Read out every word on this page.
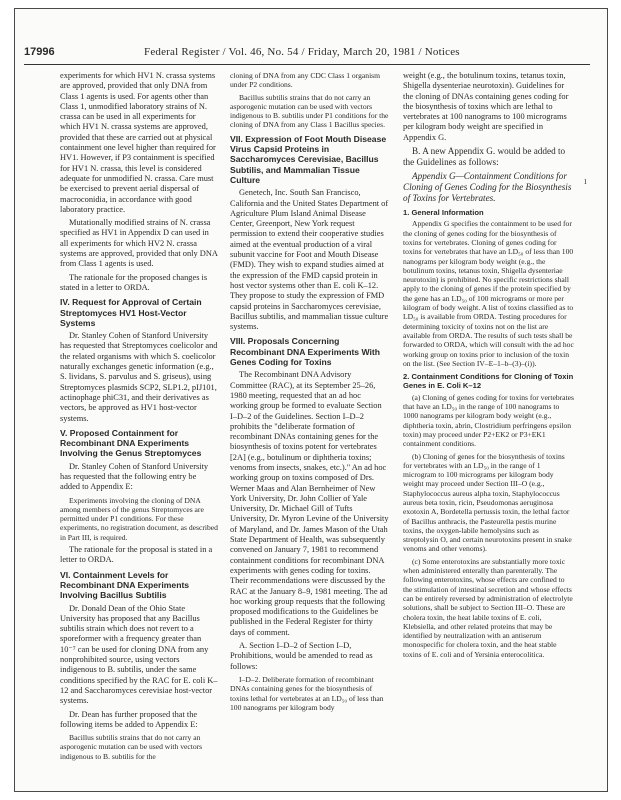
17996	Federal Register / Vol. 46, No. 54 / Friday, March 20, 1981 / Notices

experiments for which HV1 N. crassa systems are approved, provided that only DNA from Class 1 agents is used. For agents other than Class 1, unmodified laboratory strains of N. crassa can be used in all experiments for which HV1 N. crassa systems are approved, provided that these are carried out at physical containment one level higher than required for HV1. However, if P3 containment is specified for HV1 N. crassa, this level is considered adequate for unmodified N. crassa. Care must be exercised to prevent aerial dispersal of macroconidia, in accordance with good laboratory practice.

Mutationally modified strains of N. crassa specified as HV1 in Appendix D can used in all experiments for which HV2 N. crassa systems are approved, provided that only DNA from Class 1 agents is used.

The rationale for the proposed changes is stated in a letter to ORDA.

IV. Request for Approval of Certain Streptomyces HV1 Host-Vector Systems

Dr. Stanley Cohen of Stanford University has requested that Streptomyces coelicolor and the related organisms with which S. coelicolor naturally exchanges genetic information (e.g., S. lividans, S. parvulus and S. griseus), using Streptomyces plasmids SCP2, SLP1.2, pIJ101, actinophage phiC31, and their derivatives as vectors, be approved as HV1 host-vector systems.

V. Proposed Containment for Recombinant DNA Experiments Involving the Genus Streptomyces

Dr. Stanley Cohen of Stanford University has requested that the following entry be added to Appendix E:

Experiments involving the cloning of DNA among members of the genus Streptomyces are permitted under P1 conditions. For these experiments, no registration document, as described in Part III, is required.

The rationale for the proposal is stated in a letter to ORDA.

VI. Containment Levels for Recombinant DNA Experiments Involving Bacillus Subtilis

Dr. Donald Dean of the Ohio State University has proposed that any Bacillus subtilis strain which does not revert to a sporeformer with a frequency greater than 10⁻⁷ can be used for cloning DNA from any nonprohibited source, using vectors indigenous to B. subtilis, under the same conditions specified by the RAC for E. coli K–12 and Saccharomyces cerevisiae host-vector systems.

Dr. Dean has further proposed that the following items be added to Appendix E:

Bacillus subtilis strains that do not carry an asporogenic mutation can be used with vectors indigenous to B. subtilis for the

cloning of DNA from any CDC Class 1 organism under P2 conditions.

Bacillus subtilis strains that do not carry an asporogenic mutation can be used with vectors indigenous to B. subtilis under P1 conditions for the cloning of DNA from any Class 1 Bacillus species.

VII. Expression of Foot Mouth Disease Virus Capsid Proteins in Saccharomyces Cerevisiae, Bacillus Subtilis, and Mammalian Tissue Culture

Genetech, Inc. South San Francisco, California and the United States Department of Agriculture Plum Island Animal Disease Center, Greenport, New York request permission to extend their cooperative studies aimed at the eventual production of a viral subunit vaccine for Foot and Mouth Disease (FMD). They wish to expand studies aimed at the expression of the FMD capsid protein in host vector systems other than E. coli K–12. They propose to study the expression of FMD capsid proteins in Saccharomyces cerevisiae, Bacillus subtilis, and mammalian tissue culture systems.

VIII. Proposals Concerning Recombinant DNA Experiments With Genes Coding for Toxins

The Recombinant DNA Advisory Committee (RAC), at its September 25–26, 1980 meeting, requested that an ad hoc working group be formed to evaluate Section I–D–2 of the Guidelines. Section I–D–2 prohibits the "deliberate formation of recombinant DNAs containing genes for the biosynthesis of toxins potent for vertebrates [2A] (e.g., botulinum or diphtheria toxins; venoms from insects, snakes, etc.)." An ad hoc working group on toxins composed of Drs. Werner Maas and Alan Bernheimer of New York University, Dr. John Collier of Yale University, Dr. Michael Gill of Tufts University, Dr. Myron Levine of the University of Maryland, and Dr. James Mason of the Utah State Department of Health, was subsequently convened on January 7, 1981 to recommend containment conditions for recombinant DNA experiments with genes coding for toxins. Their recommendations were discussed by the RAC at the January 8–9, 1981 meeting. The ad hoc working group requests that the following proposed modifications to the Guidelines be published in the Federal Register for thirty days of comment.

A. Section I–D–2 of Section I–D, Prohibitions, would be amended to read as follows:

I–D–2. Deliberate formation of recombinant DNAs containing genes for the biosynthesis of toxins lethal for vertebrates at an LD₅₀ of less than 100 nanograms per kilogram body

weight (e.g., the botulinum toxins, tetanus toxin, Shigella dysenteriae neurotoxin). Guidelines for the cloning of DNAs containing genes coding for the biosynthesis of toxins which are lethal to vertebrates at 100 nanograms to 100 micrograms per kilogram body weight are specified in Appendix G.

B. A new Appendix G. would be added to the Guidelines as follows:

Appendix G—Containment Conditions for Cloning of Genes Coding for the Biosynthesis of Toxins for Vertebrates.

1. General Information

Appendix G specifies the containment to be used for the cloning of genes coding for the biosynthesis of toxins for vertebrates. Cloning of genes coding for toxins for vertebrates that have an LD₅₀ of less than 100 nanograms per kilogram body weight (e.g., the botulinum toxins, tetanus toxin, Shigella dysenteriae neurotoxin) is prohibited. No specific restrictions shall apply to the cloning of genes if the protein specified by the gene has an LD₅₀ of 100 micrograms or more per kilogram of body weight. A list of toxins classified as to LD₅₀ is available from ORDA. Testing procedures for determining toxicity of toxins not on the list are available from ORDA. The results of such tests shall be forwarded to ORDA, which will consult with the ad hoc working group on toxins prior to inclusion of the toxin on the list. (See Section IV–E–1–b–(3)–(i)).

2. Containment Conditions for Cloning of Toxin Genes in E. Coli K–12

(a) Cloning of genes coding for toxins for vertebrates that have an LD₅₀ in the range of 100 nanograms to 1000 nanograms per kilogram body weight (e.g., diphtheria toxin, abrin, Clostridium perfringens epsilon toxin) may proceed under P2+EK2 or P3+EK1 containment conditions.

(b) Cloning of genes for the biosynthesis of toxins for vertebrates with an LD₅₀ in the range of 1 microgram to 100 micrograms per kilogram body weight may proceed under Section III–O (e.g., Staphylococcus aureus alpha toxin, Staphylococcus aureus beta toxin, ricin, Pseudomonas aeruginosa exotoxin A, Bordetella pertussis toxin, the lethal factor of Bacillus anthracis, the Pasteurella pestis murine toxins, the oxygen-labile hemolysins such as streptolysin O, and certain neurotoxins present in snake venoms and other venoms).

(c) Some enterotoxins are substantially more toxic when administered enterally than parenterally. The following enterotoxins, whose effects are confined to the stimulation of intestinal secretion and whose effects can be entirely reversed by administration of electrolyte solutions, shall be subject to Section III–O. These are cholera toxin, the heat labile toxins of E. coli, Klebsiella, and other related proteins that may be identified by neutralization with an antiserum monospecific for cholera toxin, and the heat stable toxins of E. coli and of Yersinia enterocolitica.

ı
